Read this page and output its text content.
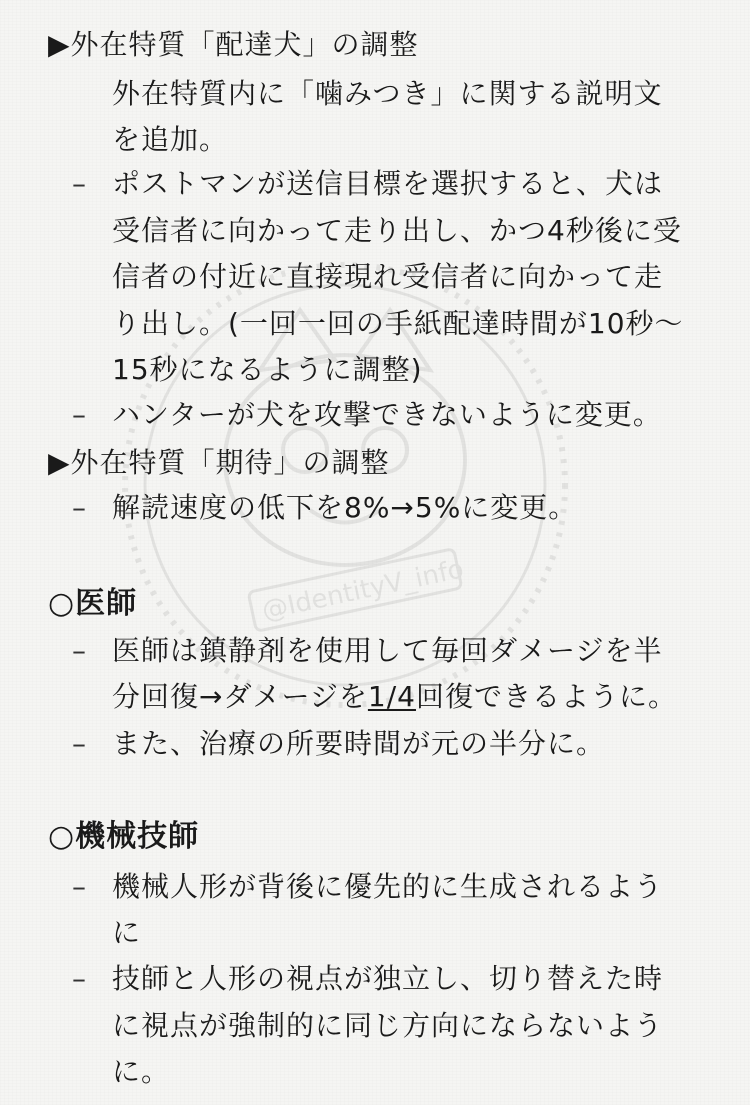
@IdentityV_info
▶外在特質「配達犬」の調整
外在特質内に「噛みつき」に関する説明文
を追加。
– ポストマンが送信目標を選択すると、犬は
受信者に向かって走り出し、かつ4秒後に受
信者の付近に直接現れ受信者に向かって走
り出し。(一回一回の手紙配達時間が10秒〜
15秒になるように調整)
– ハンターが犬を攻撃できないように変更。
▶外在特質「期待」の調整
– 解読速度の低下を8%→5%に変更。
○医師
– 医師は鎮静剤を使用して毎回ダメージを半
分回復→ダメージを1/4回復できるように。
– また、治療の所要時間が元の半分に。
○機械技師
– 機械人形が背後に優先的に生成されるよう
に
– 技師と人形の視点が独立し、切り替えた時
に視点が強制的に同じ方向にならないよう
に。
